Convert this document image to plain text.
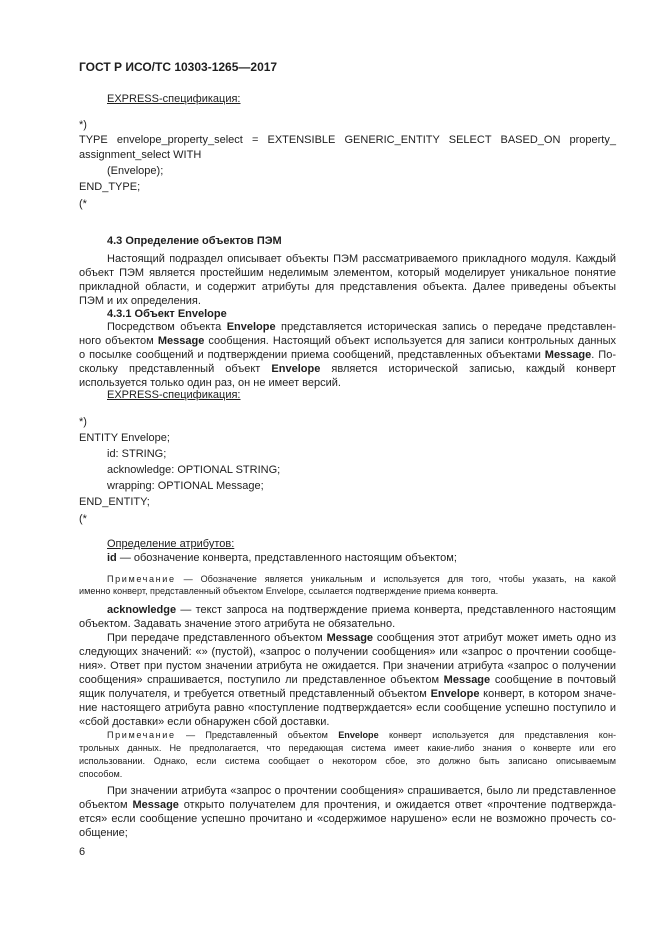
ГОСТ Р ИСО/ТС 10303-1265—2017
EXPRESS-спецификация:
*)
TYPE envelope_property_select = EXTENSIBLE GENERIC_ENTITY SELECT BASED_ON property_
assignment_select WITH
(Envelope);
END_TYPE;
(*
4.3 Определение объектов ПЭМ
Настоящий подраздел описывает объекты ПЭМ рассматриваемого прикладного модуля. Каждый
объект ПЭМ является простейшим неделимым элементом, который моделирует уникальное понятие
прикладной области, и содержит атрибуты для представления объекта. Далее приведены объекты
ПЭМ и их определения.
4.3.1 Объект Envelope
Посредством объекта Envelope представляется историческая запись о передаче представлен-
ного объектом Message сообщения. Настоящий объект используется для записи контрольных данных
о посылке сообщений и подтверждении приема сообщений, представленных объектами Message. По-
скольку представленный объект Envelope является исторической записью, каждый конверт
используется только один раз, он не имеет версий.
EXPRESS-спецификация:
*)
ENTITY Envelope;
id: STRING;
acknowledge: OPTIONAL STRING;
wrapping: OPTIONAL Message;
END_ENTITY;
(*
Определение атрибутов:
id — обозначение конверта, представленного настоящим объектом;
Примечание — Обозначение является уникальным и используется для того, чтобы указать, на какой
именно конверт, представленный объектом Envelope, ссылается подтверждение приема конверта.
acknowledge — текст запроса на подтверждение приема конверта, представленного настоящим
объектом. Задавать значение этого атрибута не обязательно.
При передаче представленного объектом Message сообщения этот атрибут может иметь одно из
следующих значений: «» (пустой), «запрос о получении сообщения» или «запрос о прочтении сообще-
ния». Ответ при пустом значении атрибута не ожидается. При значении атрибута «запрос о получении
сообщения» спрашивается, поступило ли представленное объектом Message сообщение в почтовый
ящик получателя, и требуется ответный представленный объектом Envelope конверт, в котором значе-
ние настоящего атрибута равно «поступление подтверждается» если сообщение успешно поступило и
«сбой доставки» если обнаружен сбой доставки.
Примечание — Представленный объектом Envelope конверт используется для представления кон-
трольных данных. Не предполагается, что передающая система имеет какие-либо знания о конверте или его
использовании. Однако, если система сообщает о некотором сбое, это должно быть записано описываемым
способом.
При значении атрибута «запрос о прочтении сообщения» спрашивается, было ли представленное
объектом Message открыто получателем для прочтения, и ожидается ответ «прочтение подтвержда-
ется» если сообщение успешно прочитано и «содержимое нарушено» если не возможно прочесть со-
общение;
6
